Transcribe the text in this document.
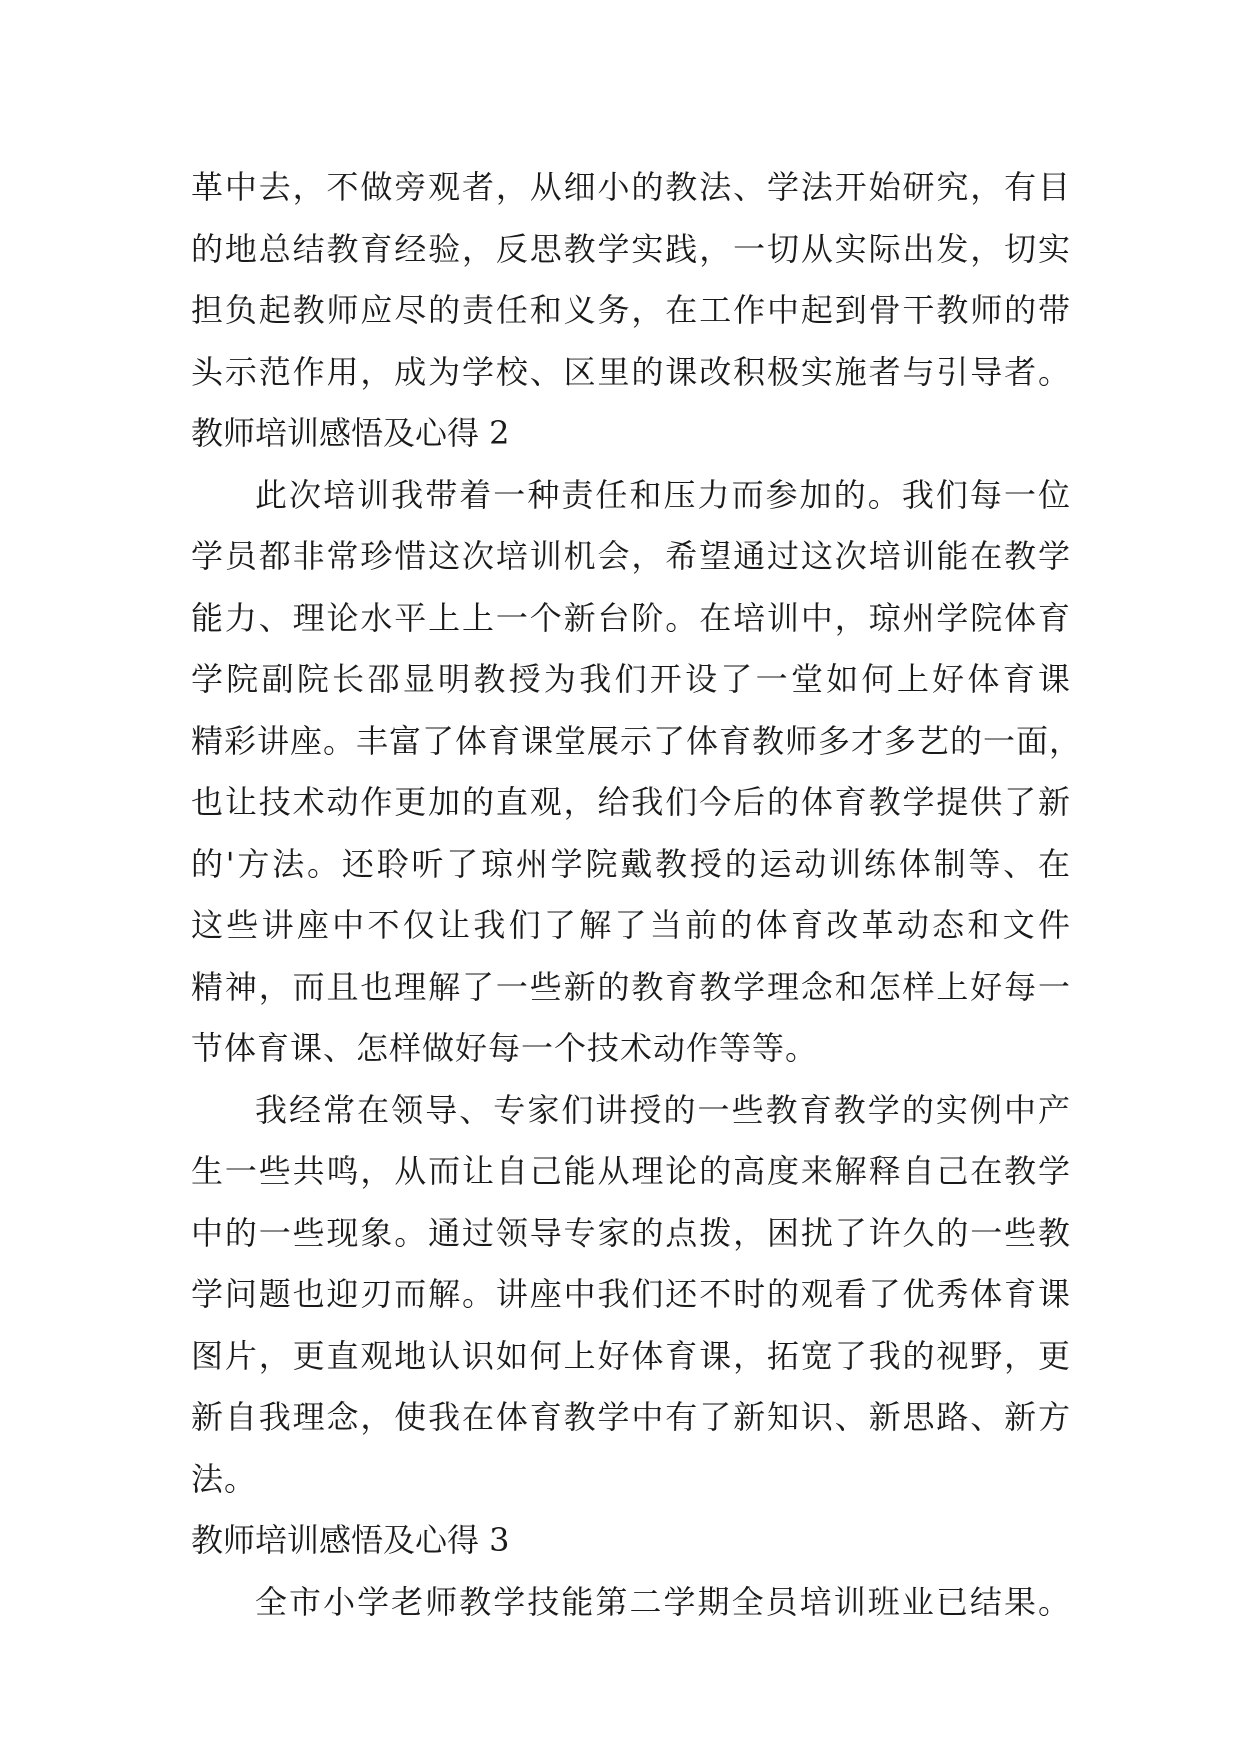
革中去，不做旁观者，从细小的教法、学法开始研究，有目
的地总结教育经验，反思教学实践，一切从实际出发，切实
担负起教师应尽的责任和义务，在工作中起到骨干教师的带
头示范作用，成为学校、区里的课改积极实施者与引导者。
教师培训感悟及心得 2
此次培训我带着一种责任和压力而参加的。我们每一位
学员都非常珍惜这次培训机会，希望通过这次培训能在教学
能力、理论水平上上一个新台阶。在培训中，琼州学院体育
学院副院长邵显明教授为我们开设了一堂如何上好体育课
精彩讲座。丰富了体育课堂展示了体育教师多才多艺的一面，
也让技术动作更加的直观，给我们今后的体育教学提供了新
的'方法。还聆听了琼州学院戴教授的运动训练体制等、在
这些讲座中不仅让我们了解了当前的体育改革动态和文件
精神，而且也理解了一些新的教育教学理念和怎样上好每一
节体育课、怎样做好每一个技术动作等等。
我经常在领导、专家们讲授的一些教育教学的实例中产
生一些共鸣，从而让自己能从理论的高度来解释自己在教学
中的一些现象。通过领导专家的点拨，困扰了许久的一些教
学问题也迎刃而解。讲座中我们还不时的观看了优秀体育课
图片，更直观地认识如何上好体育课，拓宽了我的视野，更
新自我理念，使我在体育教学中有了新知识、新思路、新方
法。
教师培训感悟及心得 3
全市小学老师教学技能第二学期全员培训班业已结果。
